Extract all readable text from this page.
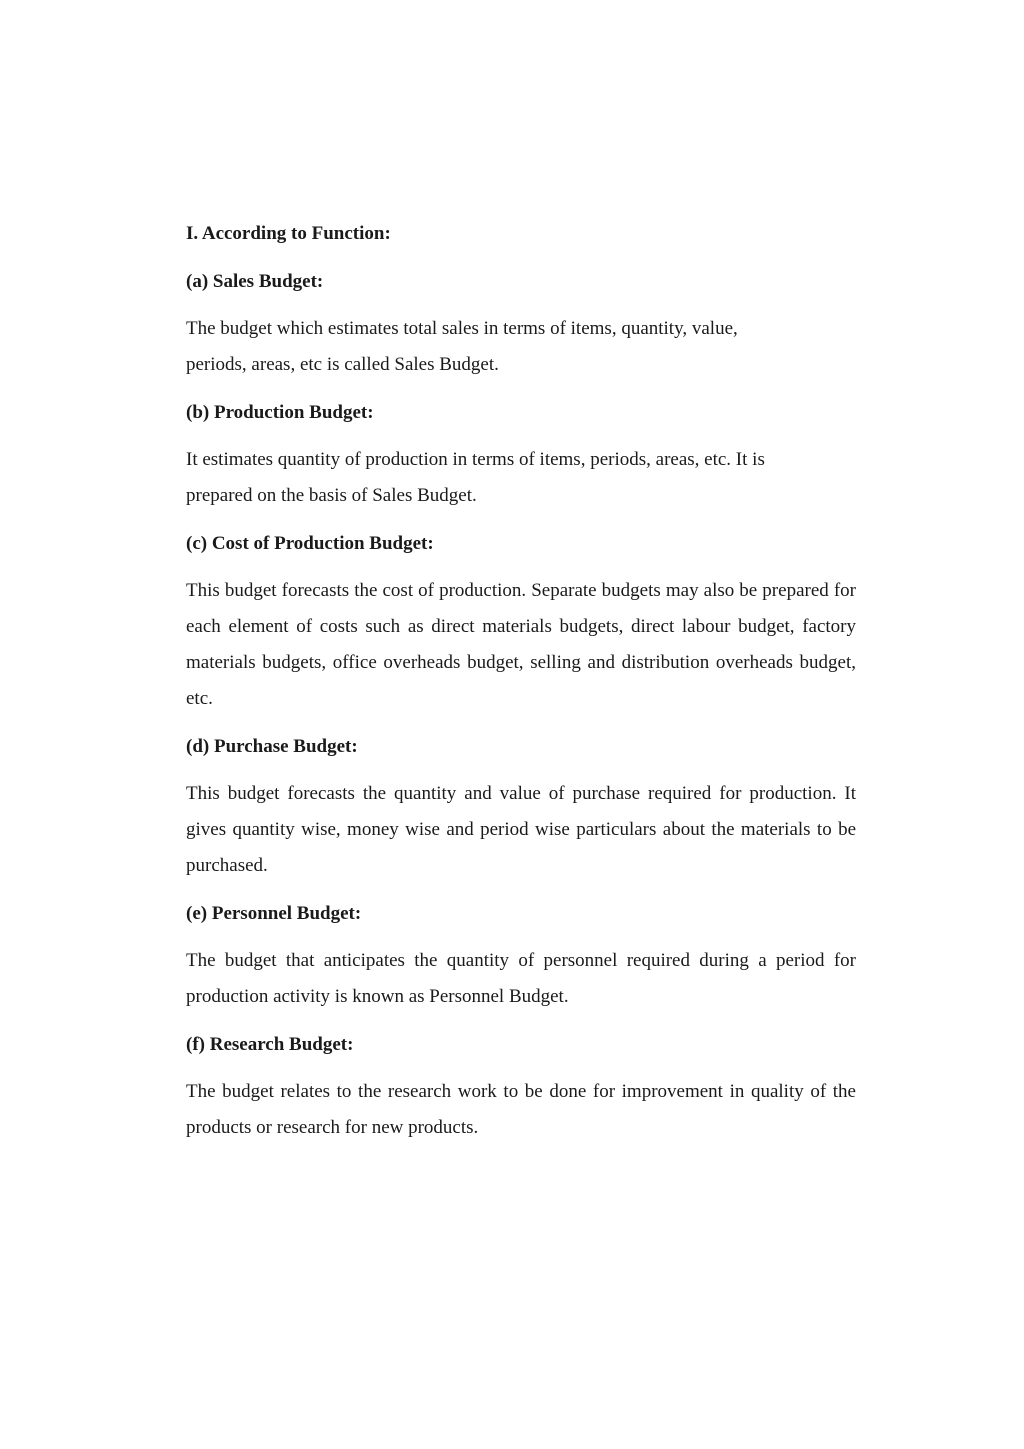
I. According to Function:
(a) Sales Budget:

The budget which estimates total sales in terms of items, quantity, value, periods, areas, etc is called Sales Budget.

(b) Production Budget:

It estimates quantity of production in terms of items, periods, areas, etc. It is prepared on the basis of Sales Budget.

(c) Cost of Production Budget:

This budget forecasts the cost of production. Separate budgets may also be prepared for each element of costs such as direct materials budgets, direct labour budget, factory materials budgets, office overheads budget, selling and distribution overheads budget, etc.

(d) Purchase Budget:

This budget forecasts the quantity and value of purchase required for production. It gives quantity wise, money wise and period wise particulars about the materials to be purchased.

(e) Personnel Budget:

The budget that anticipates the quantity of personnel required during a period for production activity is known as Personnel Budget.

(f) Research Budget:

The budget relates to the research work to be done for improvement in quality of the products or research for new products.
